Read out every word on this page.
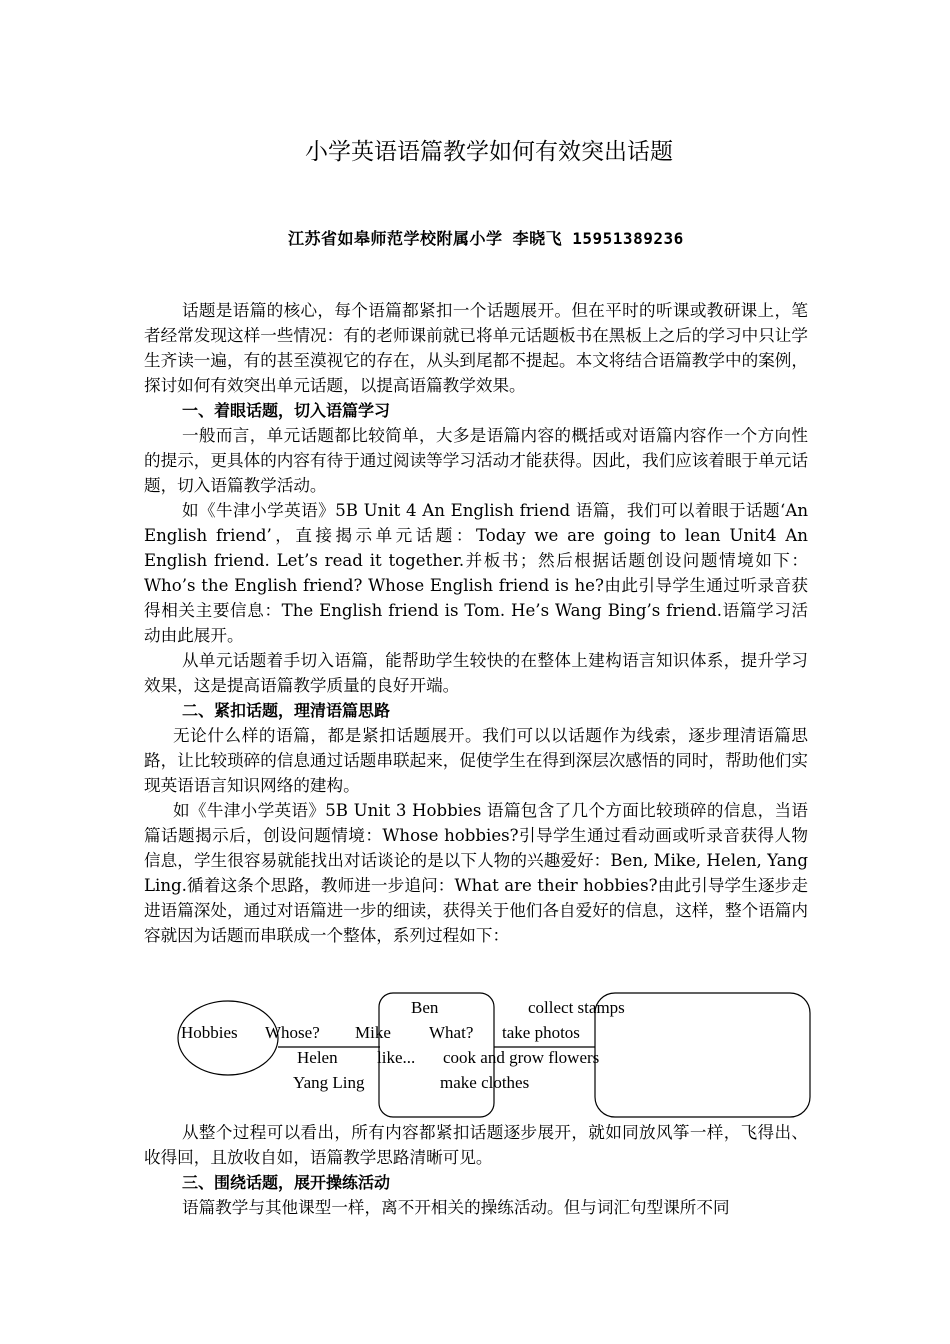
小学英语语篇教学如何有效突出话题
江苏省如皋师范学校附属小学 李晓飞 15951389236

话题是语篇的核心，每个语篇都紧扣一个话题展开。但在平时的听课或教研课上，笔者经常发现这样一些情况：有的老师课前就已将单元话题板书在黑板上之后的学习中只让学生齐读一遍，有的甚至漠视它的存在，从头到尾都不提起。本文将结合语篇教学中的案例，探讨如何有效突出单元话题，以提高语篇教学效果。

一、着眼话题，切入语篇学习

一般而言，单元话题都比较简单，大多是语篇内容的概括或对语篇内容作一个方向性的提示，更具体的内容有待于通过阅读等学习活动才能获得。因此，我们应该着眼于单元话题，切入语篇教学活动。

如《牛津小学英语》5B Unit 4 An English friend 语篇，我们可以着眼于话题‘An English friend’，直接揭示单元话题：Today we are going to lean Unit4 An English friend. Let’s read it together.并板书；然后根据话题创设问题情境如下：Who’s the English friend? Whose English friend is he?由此引导学生通过听录音获得相关主要信息：The English friend is Tom. He’s Wang Bing’s friend.语篇学习活动由此展开。

从单元话题着手切入语篇，能帮助学生较快的在整体上建构语言知识体系，提升学习效果，这是提高语篇教学质量的良好开端。

二、紧扣话题，理清语篇思路

无论什么样的语篇，都是紧扣话题展开。我们可以以话题作为线索，逐步理清语篇思路，让比较琐碎的信息通过话题串联起来，促使学生在得到深层次感悟的同时，帮助他们实现英语语言知识网络的建构。

如《牛津小学英语》5B Unit 3 Hobbies 语篇包含了几个方面比较琐碎的信息，当语篇话题揭示后，创设问题情境：Whose hobbies?引导学生通过看动画或听录音获得人物信息，学生很容易就能找出对话谈论的是以下人物的兴趣爱好：Ben, Mike, Helen, Yang Ling.循着这条个思路，教师进一步追问：What are their hobbies?由此引导学生逐步走进语篇深处，通过对语篇进一步的细读，获得关于他们各自爱好的信息，这样，整个语篇内容就因为话题而串联成一个整体，系列过程如下：

Hobbies Whose?
Ben
Mike
Helen
Yang Ling
What?
like...
collect stamps
take photos
cook and grow flowers
make clothes

从整个过程可以看出，所有内容都紧扣话题逐步展开，就如同放风筝一样，飞得出、收得回，且放收自如，语篇教学思路清晰可见。

三、围绕话题，展开操练活动

语篇教学与其他课型一样，离不开相关的操练活动。但与词汇句型课所不同
